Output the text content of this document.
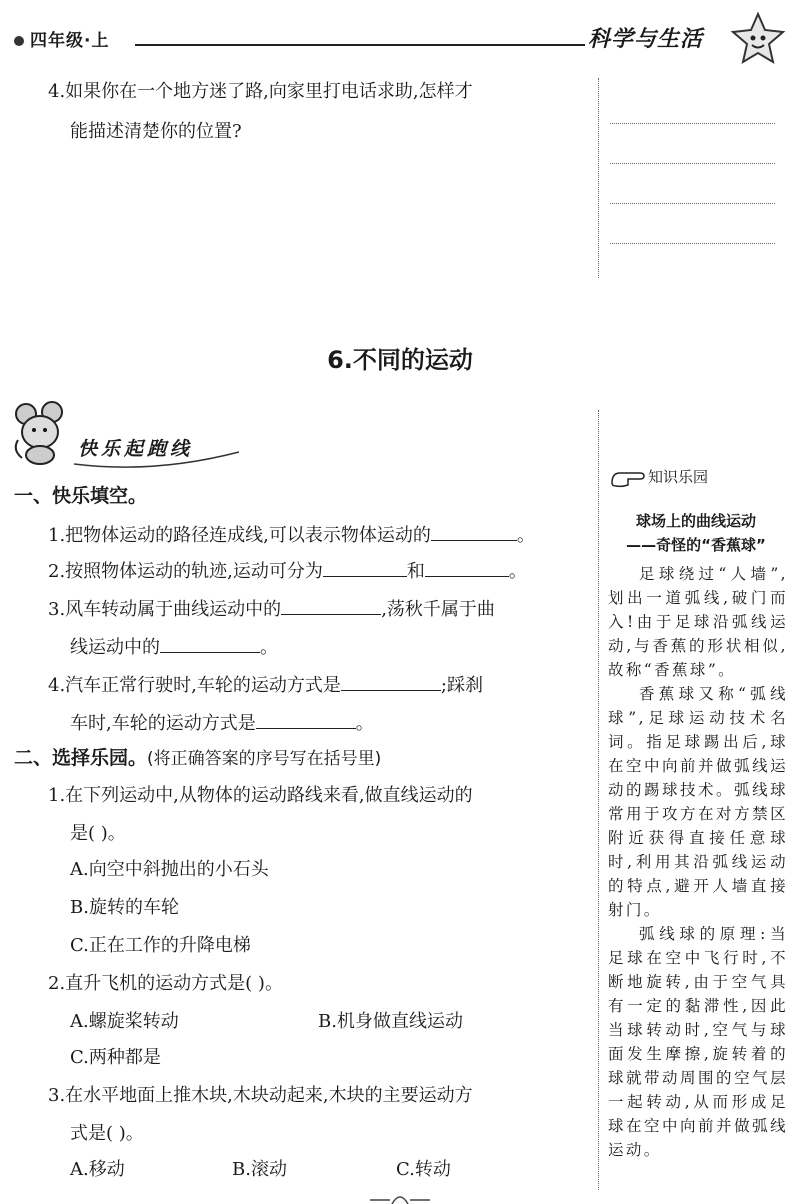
四年级·上	科学与生活
4.如果你在一个地方迷了路,向家里打电话求助,怎样才
能描述清楚你的位置?
6.不同的运动
快乐起跑线
一、快乐填空。
1.把物体运动的路径连成线,可以表示物体运动的	。
2.按照物体运动的轨迹,运动可分为	和	。
3.风车转动属于曲线运动中的	,荡秋千属于曲
线运动中的	。
4.汽车正常行驶时,车轮的运动方式是	;踩刹
车时,车轮的运动方式是	。
二、选择乐园。(将正确答案的序号写在括号里)
1.在下列运动中,从物体的运动路线来看,做直线运动的
是( )。
A.向空中斜抛出的小石头
B.旋转的车轮
C.正在工作的升降电梯
2.直升飞机的运动方式是( )。
A.螺旋桨转动	B.机身做直线运动
C.两种都是
3.在水平地面上推木块,木块动起来,木块的主要运动方
式是( )。
A.移动	B.滚动	C.转动
知识乐园
球场上的曲线运动
——奇怪的“香蕉球”

足球绕过“人墙”,划出一道弧线,破门而入!由于足球沿弧线运动,与香蕉的形状相似,故称“香蕉球”。

香蕉球又称“弧线球”,足球运动技术名词。指足球踢出后,球在空中向前并做弧线运动的踢球技术。弧线球常用于攻方在对方禁区附近获得直接任意球时,利用其沿弧线运动的特点,避开人墙直接射门。

弧线球的原理:当足球在空中飞行时,不断地旋转,由于空气具有一定的黏滞性,因此当球转动时,空气与球面发生摩擦,旋转着的球就带动周围的空气层一起转动,从而形成足球在空中向前并做弧线运动。
